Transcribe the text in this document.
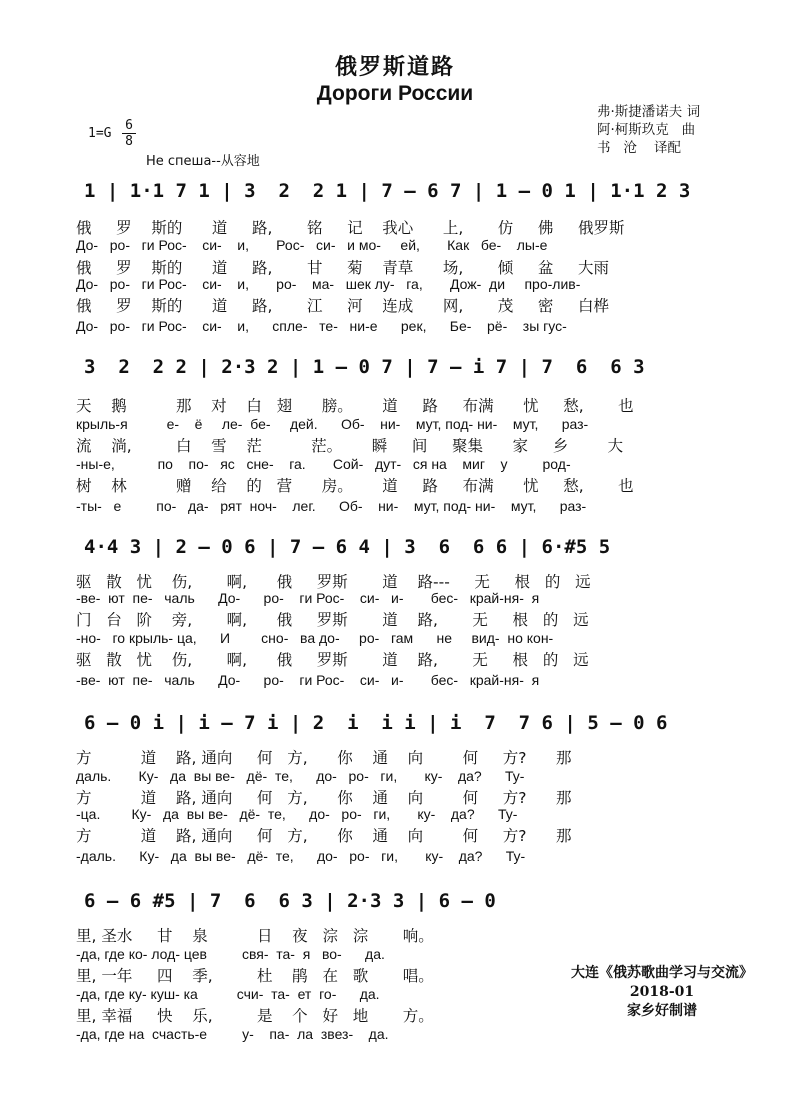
俄罗斯道路
Дороги России
弗·斯捷潘诺夫 词
阿·柯斯玖克   曲
书   沧    译配
1=G
6
8
Не спеша--从容地
1 | 1·1 7 1 | 3  2  2 1 | 7 – 6 7 | 1 – 0 1 | 1·1 2 3
俄     罗    斯的      道     路,       铭     记    我心      上,       仿     佛     俄罗斯
До-   ро-   ги Рос-    си-    и,       Рос-   си-   и мо-     ей,       Как   бе-    лы-е
俄     罗    斯的      道     路,       甘     菊    青草      场,       倾     盆     大雨
До-   ро-   ги Рос-    си-    и,       ро-    ма-   шек лу-   га,       Дож-  ди     про-лив-
俄     罗    斯的      道     路,       江     河    连成      网,       茂     密     白桦
До-   ро-   ги Рос-    си-    и,      спле-   те-   ни-е      рек,      Бе-    рё-    зы гус-
3  2  2 2 | 2·3 2 | 1 – 0 7 | 7 – i 7 | 7  6  6 3
天    鹅          那    对    白   翅      膀。      道     路     布满      忧     愁,       也
крыль-я          е-    ё     ле-  бе-     дей.      Об-    ни-    мут, под- ни-    мут,      раз-
流    淌,         白    雪    茫          茫。      瞬     间     聚集      家     乡        大
-ны-е,           по    по-   яс   сне-    га.       Сой-   дут-   ся на    миг    у         род-
树    林          赠    给    的   营      房。      道     路     布满      忧     愁,       也
-ты-   е         по-   да-   рят  ноч-    лег.      Об-    ни-    мут, под- ни-    мут,      раз-
4·4 3 | 2 – 0 6 | 7 – 6 4 | 3  6  6 6 | 6·#5 5
驱   散   忧    伤,       啊,      俄     罗斯       道    路---     无     根   的   远
-ве-  ют  пе-   чаль      До-      ро-    ги Рос-    си-   и-       бес-   край-ня-  я
门   台   阶    旁,       啊,      俄     罗斯       道    路,       无     根   的   远
-но-   го крыль- ца,      И        сно-   ва до-     ро-   гам      не     вид-  но кон-
驱   散   忧    伤,       啊,      俄     罗斯       道    路,       无     根   的   远
-ве-  ют  пе-   чаль      До-      ро-    ги Рос-    си-   и-       бес-   край-ня-  я
6 – 0 i | i – 7 i | 2  i  i i | i  7  7 6 | 5 – 0 6
方          道    路, 通向     何   方,      你    通    向        何     方?      那
даль.       Ку-   да  вы ве-   дё-  те,      до-   ро-   ги,       ку-    да?      Ту-
方          道    路, 通向     何   方,      你    通    向        何     方?      那
-ца.        Ку-   да  вы ве-   дё-  те,      до-   ро-   ги,       ку-    да?      Ту-
方          道    路, 通向     何   方,      你    通    向        何     方?      那
-даль.      Ку-   да  вы ве-   дё-  те,      до-   ро-   ги,       ку-    да?      Ту-
6 – 6 #5 | 7  6  6 3 | 2·3 3 | 6 – 0
里, 圣水     甘    泉          日    夜   淙   淙       响。
-да, где ко- лод- цев         свя-  та-  я   во-      да.
里, 一年     四    季,         杜    鹃   在   歌       唱。
-да, где ку- куш- ка          счи-  та-  ет  го-      да.
里, 幸福     快    乐,         是    个   好   地       方。
-да, где на  счасть-е         у-    па-  ла  звез-    да.
大连《俄苏歌曲学习与交流》
2018-01
家乡好制谱
